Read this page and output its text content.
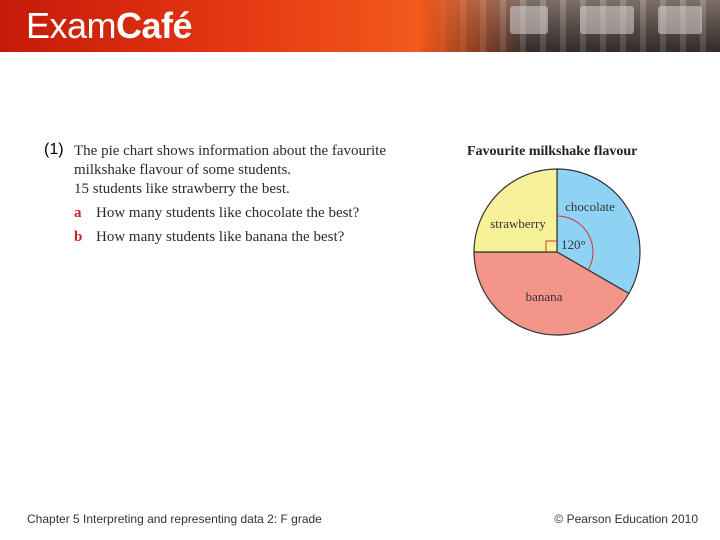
ExamCafé
(1) The pie chart shows information about the favourite
milkshake flavour of some students.
15 students like strawberry the best.
a How many students like chocolate the best?
b How many students like banana the best?
Favourite milkshake flavour
chocolate
banana
strawberry
120°
Chapter 5 Interpreting and representing data 2: F grade	© Pearson Education 2010
